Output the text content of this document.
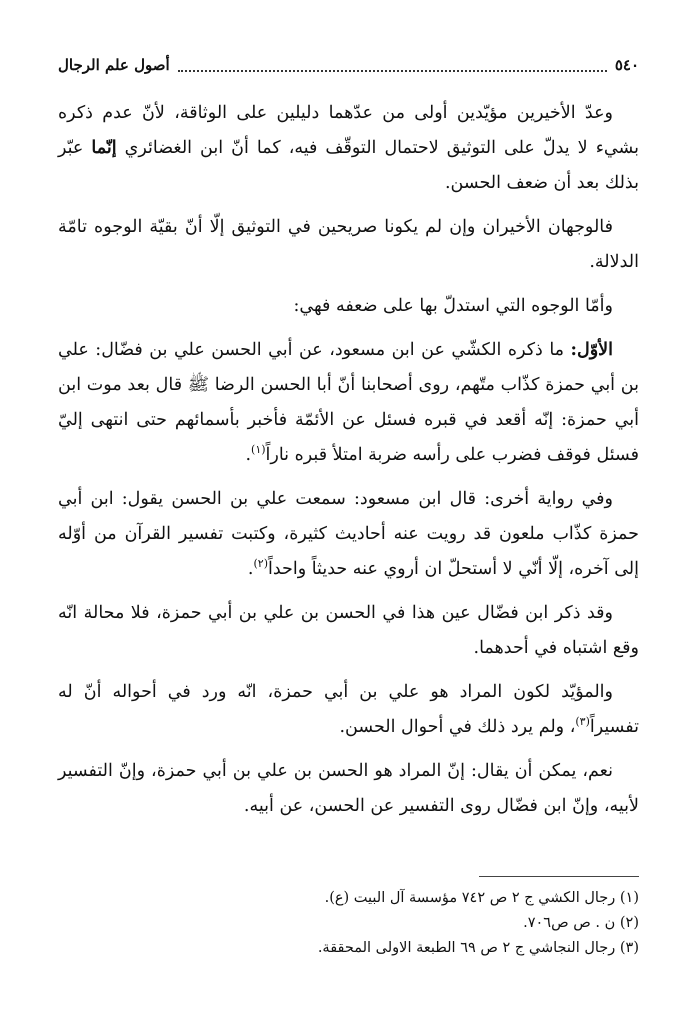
٥٤٠
أصول علم الرجال

وعدّ الأخيرين مؤيّدين أولى من عدّهما دليلين على الوثاقة، لأنّ عدم ذكره بشيء لا يدلّ على التوثيق لاحتمال التوقّف فيه، كما أنّ ابن الغضائري إنّما عبّر بذلك بعد أن ضعف الحسن.

فالوجهان الأخيران وإن لم يكونا صريحين في التوثيق إلّا أنّ بقيّة الوجوه تامّة الدلالة.

وأمّا الوجوه التي استدلّ بها على ضعفه فهي:

الأوّل: ما ذكره الكشّي عن ابن مسعود، عن أبي الحسن علي بن فضّال: علي بن أبي حمزة كذّاب متّهم، روى أصحابنا أنّ أبا الحسن الرضا ﷺ قال بعد موت ابن أبي حمزة: إنّه أقعد في قبره فسئل عن الأئمّة فأخبر بأسمائهم حتى انتهى إليّ فسئل فوقف فضرب على رأسه ضربة امتلأ قبره ناراً$^{(١)}$.

وفي رواية أخرى: قال ابن مسعود: سمعت علي بن الحسن يقول: ابن أبي حمزة كذّاب ملعون قد رويت عنه أحاديث كثيرة، وكتبت تفسير القرآن من أوّله إلى آخره، إلّا أنّي لا أستحلّ ان أروي عنه حديثاً واحداً$^{(٢)}$.

وقد ذكر ابن فضّال عين هذا في الحسن بن علي بن أبي حمزة، فلا محالة انّه وقع اشتباه في أحدهما.

والمؤيّد لكون المراد هو علي بن أبي حمزة، انّه ورد في أحواله أنّ له تفسيراً$^{(٣)}$، ولم يرد ذلك في أحوال الحسن.

نعم، يمكن أن يقال: إنّ المراد هو الحسن بن علي بن أبي حمزة، وإنّ التفسير لأبيه، وإنّ ابن فضّال روى التفسير عن الحسن، عن أبيه.

(١) رجال الكشي ج ٢ ص ٧٤٢ مؤسسة آل البيت (ع).
(٢) ن . ص ص٧٠٦.
(٣) رجال النجاشي ج ٢ ص ٦٩ الطبعة الاولى المحققة.
